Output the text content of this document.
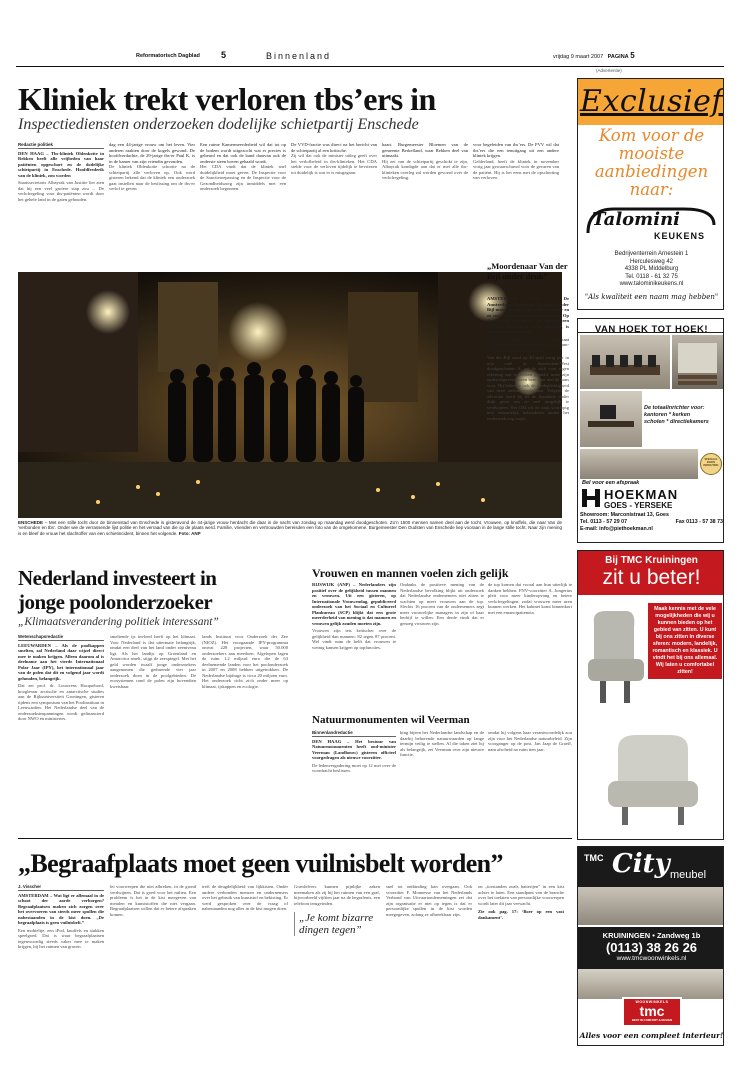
Reformatorisch Dagblad 5	Binnenland	vrijdag 9 maart 2007 PAGINA 5
Kliniek trekt verloren tbs’ers in
Inspectiediensten onderzoeken dodelijke schietpartij Enschede
Redactie politiek
DEN HAAG – Tbs-kliniek Oldenkotte in Rekken heeft alle vrijheden van haar patiënten opgeschort en de dodelijke schietpartij in Enschede. Hoofdfrederik van de kliniek, zou worden
Staatssecretaris Albayrak van Justitie liet zien dat hij een veel grotere stap zou ... De verlofregeling voor tbs-patiënten wordt door het gehele land in de gaten gehouden.
dag een 44-jarige vrouw om het leven. Vier anderen raakten door de kogels gewond. De hoofdverdachte, de 29-jarige tbs-er Paul K, is in de kamer van zijn vriendin gevonden.
De kliniek Oldenkotte schortte na de schietpartij alle verloven op. Ook werd gisteren bekend dat de kliniek een onderzoek gaat instellen naar de beslissing om de tbs-er verlof te geven.
Een ruime Kamermeerderheid wil dat tot op de bodem wordt uitgezocht wat er precies is gebeurd en dat ook de band daarvan ook de onderste steen boven gehaald wordt.
Het CDA vindt dat de kliniek snel duidelijkheid moet geven. De Inspectie voor de Sanctietoepassing en de Inspectie voor de Gezondheidszorg zijn inmiddels met een onderzoek begonnen.
De VVD-fractie was direct na het bericht van de schietpartij al een kritische.
Zij wil dat ook de minister uitleg geeft over het verlofbeleid in tbs-klinieken. Het CDA stelde voor de verloven tijdelijk te bevriezen tot duidelijk is wat er is misgegaan.
haart. Burgemeester Bloemen van de gemeente Berkelland, waar Rekken deel van uitmaakt.
Hij zei van de schietpartij geschokt te zijn. Albayrak kondigde aan dat er met alle tbs-klinieken overleg zal worden gevoerd over de verlofregeling.
voor begeleiden van tbs’ers. De PVV wil dat tbs’ers die een tenuitgang uit een andere kliniek krijgen.
Gelderland, heeft de kliniek in november vorig jaar gewaarschuwd voor de gevaren van de patiënt. Hij is het eens met de opschorting van verloven.
ENSCHEDE – Met een stille tocht door de binnenstad van Enschede is gisteravond de 44-jarige vrouw herdacht die daar in de nacht van zondag op maandag werd doodgeschoten. Zo’n 1500 mensen namen deel aan de tocht. Vrouwen, op knuffels, die naar Van de ‘verbonden en tbs’. Onder wie de verrassende lijst politie en het verraad van die op de plaats werd. Familie, vrienden en vertrouwden bereisden een foto van de omgekomene. Burgemeester Den Oudsten van Enschede liep vooraan in de lange stille tocht. Naar zijn mening is en bleef de vrouw het slachtoffer van een schietincident, binnen het volgende. Foto: ANP
„Moordenaar Van der Bijl onder druk”
AMSTERDAM (ANP) – De Amsterdamse kroegbaas Thomas van der Bijl moest het lijk ook onder verzeker en zo snel mogelijk worden gecremeerd. Op de schutter Dwight S., die onlangs een volledige bekentenis heeft afgelegd, is grote druk uitgeoefend.
„Zij hadden grote haast”, zei de advocaat van S., T. Hiddema, gisteren tijdens een pro-formazitting rond de liquidatie.
Van der Bijl werd op 20 april vorig jaar in zijn café in Amsterdam-West doodgeschoten. S. zei de zich voor eigen rekening aan te hebben gemeld, maar zijn opdrachtgevers gaven hem daar niet de kans voor. Hij bekende ook de medeplichtigheid van twee andere verdachten. Volgens de advocaat werd hij na de liquidatie onder druk gezet om zo snel mogelijk te verdwijnen. Het OM wil de zaak voorlopig niet inhoudelijk behandelen omdat het onderzoek nog loopt.
Nederland investeert in
jonge poolonderzoeker
„Klimaatsverandering politiek interessant”
Wetenschapsredactie
LEEUWARDEN – Als de poolkappen smelten, zal Nederland daar wijzel direct mee te maken krijgen. Alleen daarom al is deelname aan het vierde Internationaal Polar Jaar (IPY), het internationaal jaar van de polen dat dit en volgend jaar wordt gehouden, belangrijk.
Dat zei prof. dr. Louwrens Hacquebord, hoogleraar arctische en antarctische studies aan de Rijksuniversiteit Groningen, gisteren tijdens een symposium van het Poolinstituut in Leeuwarden. Het Nederlandse deel van de onderzoeksinspanningen wordt gefinancierd door NWO en ministeries.
smeltende ijs invloed heeft op het klimaat. Voor Nederland is dat uitermate belangrijk, omdat een deel van het land onder zeeniveau ligt. Als het landijs op Groenland en Antarctica smelt, stijgt de zeespiegel. Met het geld worden twaalf jonge onderzoekers aangenomen die gedurende vier jaar onderzoek doen in de poolgebieden. De ecosystemen rond de polen zijn bovendien kwetsbaar.
lands Instituut voor Onderzoek der Zee (NIOZ). Het voorgaande IPY-programma omvat 228 projecten, waar 50.000 onderzoekers aan meedoen. Afgelopen lagen de ruim 1,2 miljard euro die de 63 deelnemende landen voor het poolonderzoek in 2007 en 2008 hebben uitgetrokken. De Nederlandse bijdrage is circa 20 miljoen euro. Het onderzoek richt zich onder meer op klimaat, ijskappen en ecologie.
Vrouwen en mannen voelen zich gelijk
RIJSWIJK (ANP) – Nederlanders zijn positief over de gelijkheid tussen mannen en vrouwen. Uit een gisteren, op Internationale Vrouwendag, gepubliceerd onderzoek van het Sociaal en Cultureel Planbureau (SCP) blijkt dat een grote meerderheid van mening is dat mannen en vrouwen gelijk zouden moeten zijn.
Vrouwen zijn iets kritischer over de gelijkheid dan mannen: 82 tegen 87 procent. Wel vindt ruim de helft dat vrouwen te weinig kansen krijgen op topfuncties.
Ondanks de positieve mening van de Nederlandse bevolking blijkt uit onderzoek dat Nederlandse ondernemers niet zitten te wachten op meer vrouwen aan de top. Slechts 16 procent van de ondernemers zegt meer vrouwelijke managers in zijn of haar bedrijf te willen. Een derde vindt dat er genoeg vrouwen zijn.
de top komen dat vooral aan hun uiterlijk te danken hebben. FNV-voorzitter A. Jongerius pleit voor meer kinderopvang en betere verlofregelingen, zodat vrouwen meer uren kunnen werken. Het kabinet komt binnenkort met een emancipatienota.
Natuurmonumenten wil Veerman
Binnenlandredactie
DEN HAAG – Het bestuur van Natuurmonumenten heeft oud-minister Veerman (Landbouw) gisteren officieel voorgedragen als nieuwe voorzitter.
De ledenvergadering moet op 12 mei over de voordracht beslissen.
king bijeen het Nederlandse landschap en de daarbij behorende natuurwaarden op lange termijn veilig te stellen. Al die taken ziet hij als belangrijk, zei Veerman over zijn nieuwe functie.
omdat hij volgens haar verantwoordelijk zou zijn voor het Nederlandse natuurbeleid. Zijn voorganger op de post, Jan Jaap de Graeff, nam afscheid na ruim tien jaar.
„Begraafplaats moet geen vuilnisbelt worden”
J. Visscher
AMSTERDAM – Wat ligt er allemaal in de schoot der aarde verborgen? Begraafplaatsen maken zich zorgen over het overvoeren van steeds meer spullen die nabestaanden in de kist doen. „De begraafplaats is geen vuilnisbelt.”
Een mobieltje, een iPod, knuffels en stukken speelgoed. Dat is waar begraafplaatsen tegenwoordig steeds vaker mee te maken krijgen, bij het ruimen van graven.
lei voorwerpen die niet afbreken, in de grond verdwijnen. Dat is goed voor het milieu. Een probleem is het in de kist meegeven van metalen en kunststoffen die niet vergaan. Begraafplaatsen willen dat er betere afspraken komen.
treft de deugdelijkheid van lijkkisten. Onder andere verbonden mensen en ondernemers over het gebruik van kunststof en bekisting. Er werd gesproken over de vraag of nabestaanden nog alles in de kist mogen doen.
Gravdelvers kunnen pijnlijke zaken meemaken als zij bij het ruimen van een graf, bijvoorbeeld vijftien jaar na de begrafenis, een telefoon terugvinden.
„Je komt bizarre dingen tegen”
snel tot ontbinding kan overgaan. Ook voorzitter F. Monnesse van het Nederlands Verbond van Uitvaartondernemingen zei dat zijn organisatie er niet op tegen is dat er persoonlijke spullen in de kist worden meegegeven, zolang ze afbreekbaar zijn.
on „toestanden zoals batterijen” in een kist achter te laten. Een standpunt van de branche over het toelaten van persoonlijke voorwerpen wordt later dit jaar verwacht.
Zie ook pag. 17: ‘Boer op een vast dankament’.
(Advertentie)
Exclusief
Kom voor de
mooiste
aanbiedingen
naar:
Talomini
KEUKENS
Bedrijventerrein Arnestein 1
Herculesweg 42
4338 PL Middelburg
Tel. 0118 - 61 32 75
www.talominikeukens.nl
"Als kwaliteit een naam mag hebben"
VAN HOEK TOT HOEK!
De totaalinrichter voor:
kantoren * kerken
scholen * directiekamers
Bel voor een afspraak
SPECIAAL EIGEN INRICHTING
HOEKMAN
GOES - YERSEKE
Showroom: Marconistraat 13, Goes
Tel. 0113 - 57 29 07	Fax 0113 - 57 38 73
E-mail: info@piethoekman.nl
Bij TMC Kruiningen
zit u beter!
Maak kennis met de vele mogelijkheden die wij u kunnen bieden op het gebied van zitten. U kunt bij ons zitten in diverse sferen: modern, landelijk, romantisch en klassiek. U vindt het bij ons allemaal. Wij laten u comfortabel zitten!
TMC City meubel
KRUININGEN • Zandweg 1b
(0113) 38 26 26
www.tmcwoonwinkels.nl
WOONWINKELS
tmc
BEST IN COMFORT & DESIGN
Alles voor een compleet interieur!
